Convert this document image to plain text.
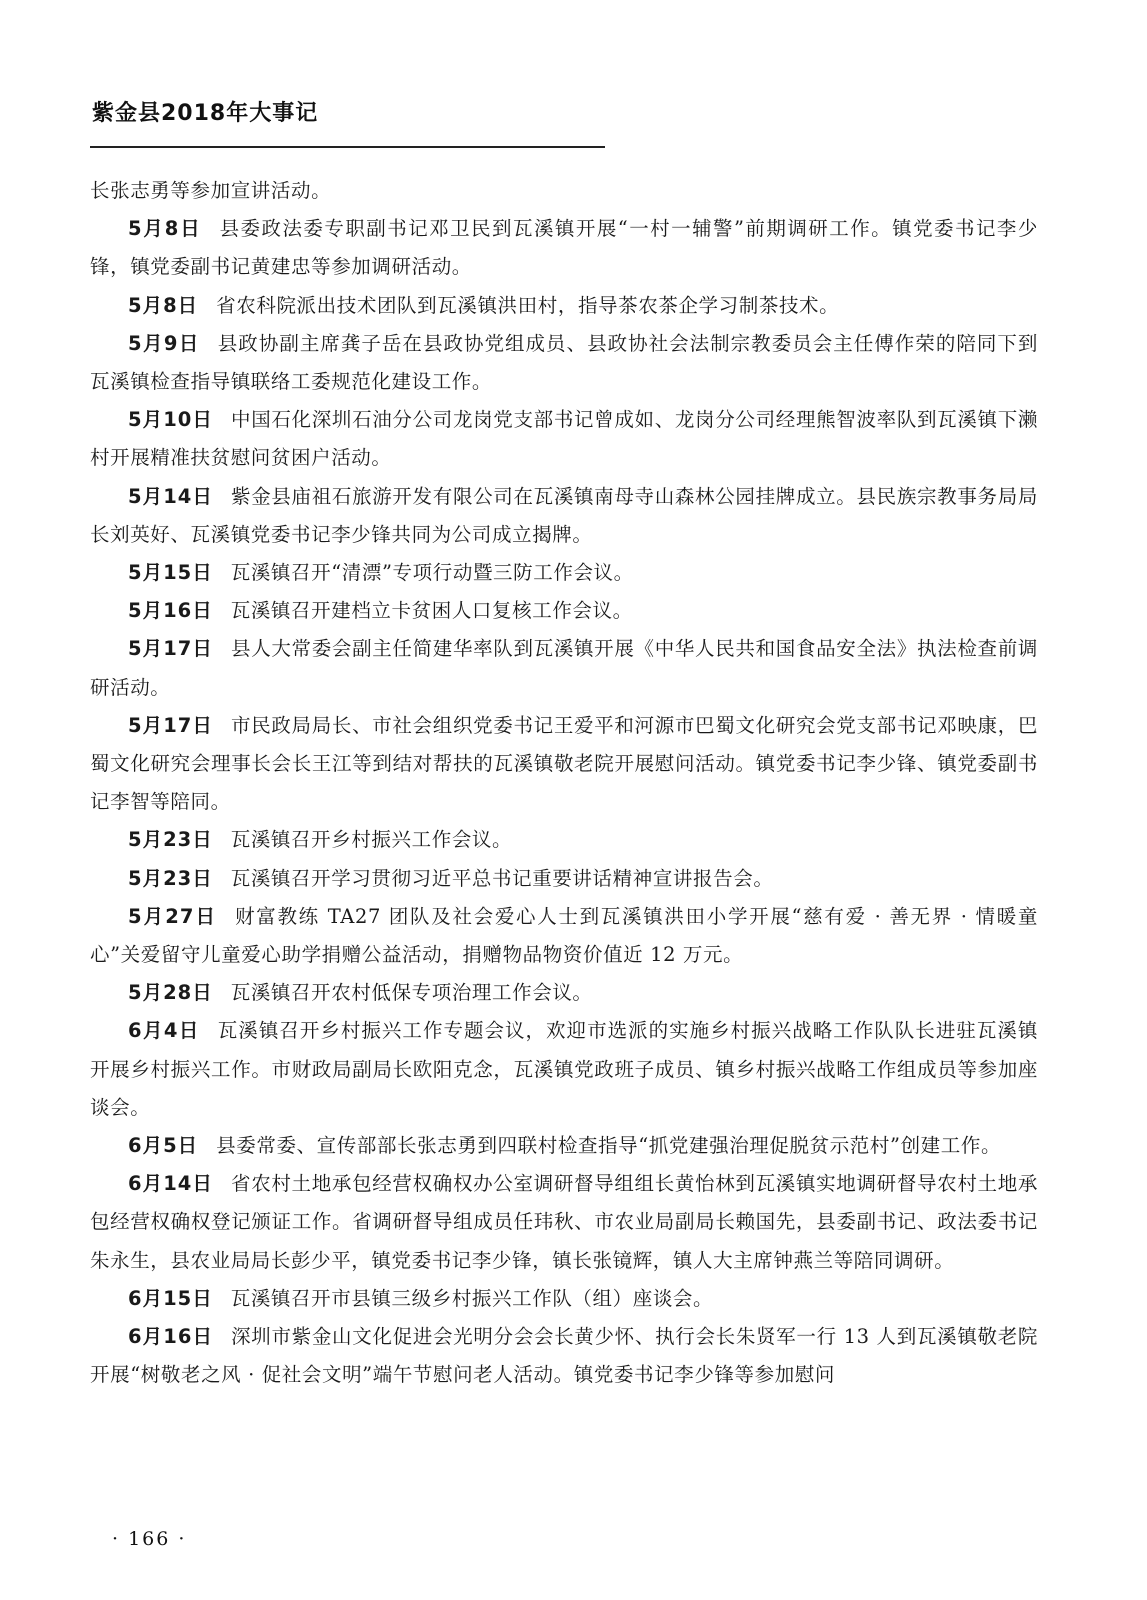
紫金县2018年大事记

长张志勇等参加宣讲活动。

5月8日 县委政法委专职副书记邓卫民到瓦溪镇开展“一村一辅警”前期调研工作。镇党委书记李少锋，镇党委副书记黄建忠等参加调研活动。

5月8日 省农科院派出技术团队到瓦溪镇洪田村，指导茶农茶企学习制茶技术。

5月9日 县政协副主席龚子岳在县政协党组成员、县政协社会法制宗教委员会主任傅作荣的陪同下到瓦溪镇检查指导镇联络工委规范化建设工作。

5月10日 中国石化深圳石油分公司龙岗党支部书记曾成如、龙岗分公司经理熊智波率队到瓦溪镇下濑村开展精准扶贫慰问贫困户活动。

5月14日 紫金县庙祖石旅游开发有限公司在瓦溪镇南母寺山森林公园挂牌成立。县民族宗教事务局局长刘英好、瓦溪镇党委书记李少锋共同为公司成立揭牌。

5月15日 瓦溪镇召开“清漂”专项行动暨三防工作会议。

5月16日 瓦溪镇召开建档立卡贫困人口复核工作会议。

5月17日 县人大常委会副主任简建华率队到瓦溪镇开展《中华人民共和国食品安全法》执法检查前调研活动。

5月17日 市民政局局长、市社会组织党委书记王爱平和河源市巴蜀文化研究会党支部书记邓映康，巴蜀文化研究会理事长会长王江等到结对帮扶的瓦溪镇敬老院开展慰问活动。镇党委书记李少锋、镇党委副书记李智等陪同。

5月23日 瓦溪镇召开乡村振兴工作会议。

5月23日 瓦溪镇召开学习贯彻习近平总书记重要讲话精神宣讲报告会。

5月27日 财富教练 TA27 团队及社会爱心人士到瓦溪镇洪田小学开展“慈有爱 · 善无界 · 情暖童心”关爱留守儿童爱心助学捐赠公益活动，捐赠物品物资价值近 12 万元。

5月28日 瓦溪镇召开农村低保专项治理工作会议。

6月4日 瓦溪镇召开乡村振兴工作专题会议，欢迎市选派的实施乡村振兴战略工作队队长进驻瓦溪镇开展乡村振兴工作。市财政局副局长欧阳克念，瓦溪镇党政班子成员、镇乡村振兴战略工作组成员等参加座谈会。

6月5日 县委常委、宣传部部长张志勇到四联村检查指导“抓党建强治理促脱贫示范村”创建工作。

6月14日 省农村土地承包经营权确权办公室调研督导组组长黄怡林到瓦溪镇实地调研督导农村土地承包经营权确权登记颁证工作。省调研督导组成员任玮秋、市农业局副局长赖国先，县委副书记、政法委书记朱永生，县农业局局长彭少平，镇党委书记李少锋，镇长张镜辉，镇人大主席钟燕兰等陪同调研。

6月15日 瓦溪镇召开市县镇三级乡村振兴工作队（组）座谈会。

6月16日 深圳市紫金山文化促进会光明分会会长黄少怀、执行会长朱贤军一行 13 人到瓦溪镇敬老院开展“树敬老之风 · 促社会文明”端午节慰问老人活动。镇党委书记李少锋等参加慰问

· 166 ·
